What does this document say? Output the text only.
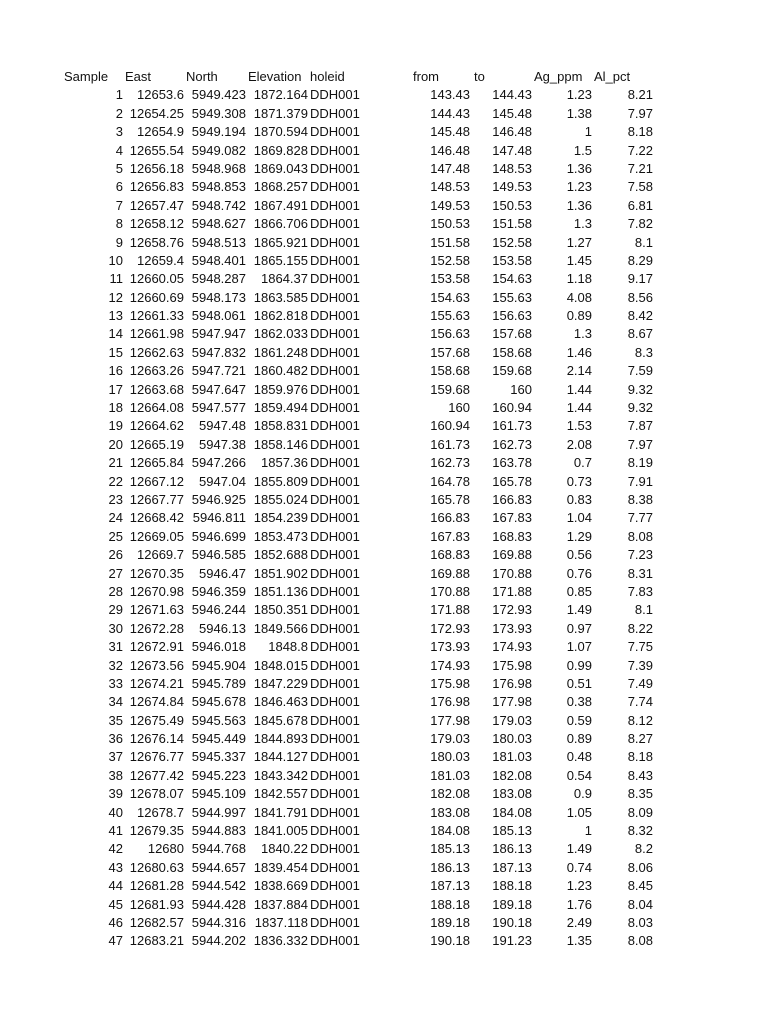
Sample East	North Elevation holeid	from	to	Ag_ppm Al_pct
1	12653.6 5949.423 1872.164 DDH001	143.43	144.43	1.23	8.21
2 12654.25 5949.308 1871.379 DDH001	144.43	145.48	1.38	7.97
3	12654.9 5949.194 1870.594 DDH001	145.48	146.48	1	8.18
4 12655.54 5949.082 1869.828 DDH001	146.48	147.48	1.5	7.22
5 12656.18 5948.968 1869.043 DDH001	147.48	148.53	1.36	7.21
6 12656.83 5948.853 1868.257 DDH001	148.53	149.53	1.23	7.58
7 12657.47 5948.742 1867.491 DDH001	149.53	150.53	1.36	6.81
8 12658.12 5948.627 1866.706 DDH001	150.53	151.58	1.3	7.82
9 12658.76 5948.513 1865.921 DDH001	151.58	152.58	1.27	8.1
10	12659.4 5948.401 1865.155 DDH001	152.58	153.58	1.45	8.29
11 12660.05 5948.287	1864.37 DDH001	153.58	154.63	1.18	9.17
12 12660.69 5948.173 1863.585 DDH001	154.63	155.63	4.08	8.56
13 12661.33 5948.061 1862.818 DDH001	155.63	156.63	0.89	8.42
14 12661.98 5947.947 1862.033 DDH001	156.63	157.68	1.3	8.67
15 12662.63 5947.832 1861.248 DDH001	157.68	158.68	1.46	8.3
16 12663.26 5947.721 1860.482 DDH001	158.68	159.68	2.14	7.59
17 12663.68 5947.647 1859.976 DDH001	159.68	160	1.44	9.32
18 12664.08 5947.577 1859.494 DDH001	160	160.94	1.44	9.32
19 12664.62	5947.48 1858.831 DDH001	160.94	161.73	1.53	7.87
20 12665.19	5947.38 1858.146 DDH001	161.73	162.73	2.08	7.97
21 12665.84 5947.266	1857.36 DDH001	162.73	163.78	0.7	8.19
22 12667.12	5947.04 1855.809 DDH001	164.78	165.78	0.73	7.91
23 12667.77 5946.925 1855.024 DDH001	165.78	166.83	0.83	8.38
24 12668.42 5946.811 1854.239 DDH001	166.83	167.83	1.04	7.77
25 12669.05 5946.699 1853.473 DDH001	167.83	168.83	1.29	8.08
26	12669.7 5946.585 1852.688 DDH001	168.83	169.88	0.56	7.23
27 12670.35	5946.47 1851.902 DDH001	169.88	170.88	0.76	8.31
28 12670.98 5946.359 1851.136 DDH001	170.88	171.88	0.85	7.83
29 12671.63 5946.244 1850.351 DDH001	171.88	172.93	1.49	8.1
30 12672.28	5946.13 1849.566 DDH001	172.93	173.93	0.97	8.22
31 12672.91 5946.018	1848.8 DDH001	173.93	174.93	1.07	7.75
32 12673.56 5945.904 1848.015 DDH001	174.93	175.98	0.99	7.39
33 12674.21 5945.789 1847.229 DDH001	175.98	176.98	0.51	7.49
34 12674.84 5945.678 1846.463 DDH001	176.98	177.98	0.38	7.74
35 12675.49 5945.563 1845.678 DDH001	177.98	179.03	0.59	8.12
36 12676.14 5945.449 1844.893 DDH001	179.03	180.03	0.89	8.27
37 12676.77 5945.337 1844.127 DDH001	180.03	181.03	0.48	8.18
38 12677.42 5945.223 1843.342 DDH001	181.03	182.08	0.54	8.43
39 12678.07 5945.109 1842.557 DDH001	182.08	183.08	0.9	8.35
40	12678.7 5944.997 1841.791 DDH001	183.08	184.08	1.05	8.09
41 12679.35 5944.883 1841.005 DDH001	184.08	185.13	1	8.32
42	12680 5944.768	1840.22 DDH001	185.13	186.13	1.49	8.2
43 12680.63 5944.657 1839.454 DDH001	186.13	187.13	0.74	8.06
44 12681.28 5944.542 1838.669 DDH001	187.13	188.18	1.23	8.45
45 12681.93 5944.428 1837.884 DDH001	188.18	189.18	1.76	8.04
46 12682.57 5944.316 1837.118 DDH001	189.18	190.18	2.49	8.03
47 12683.21 5944.202 1836.332 DDH001	190.18	191.23	1.35	8.08
